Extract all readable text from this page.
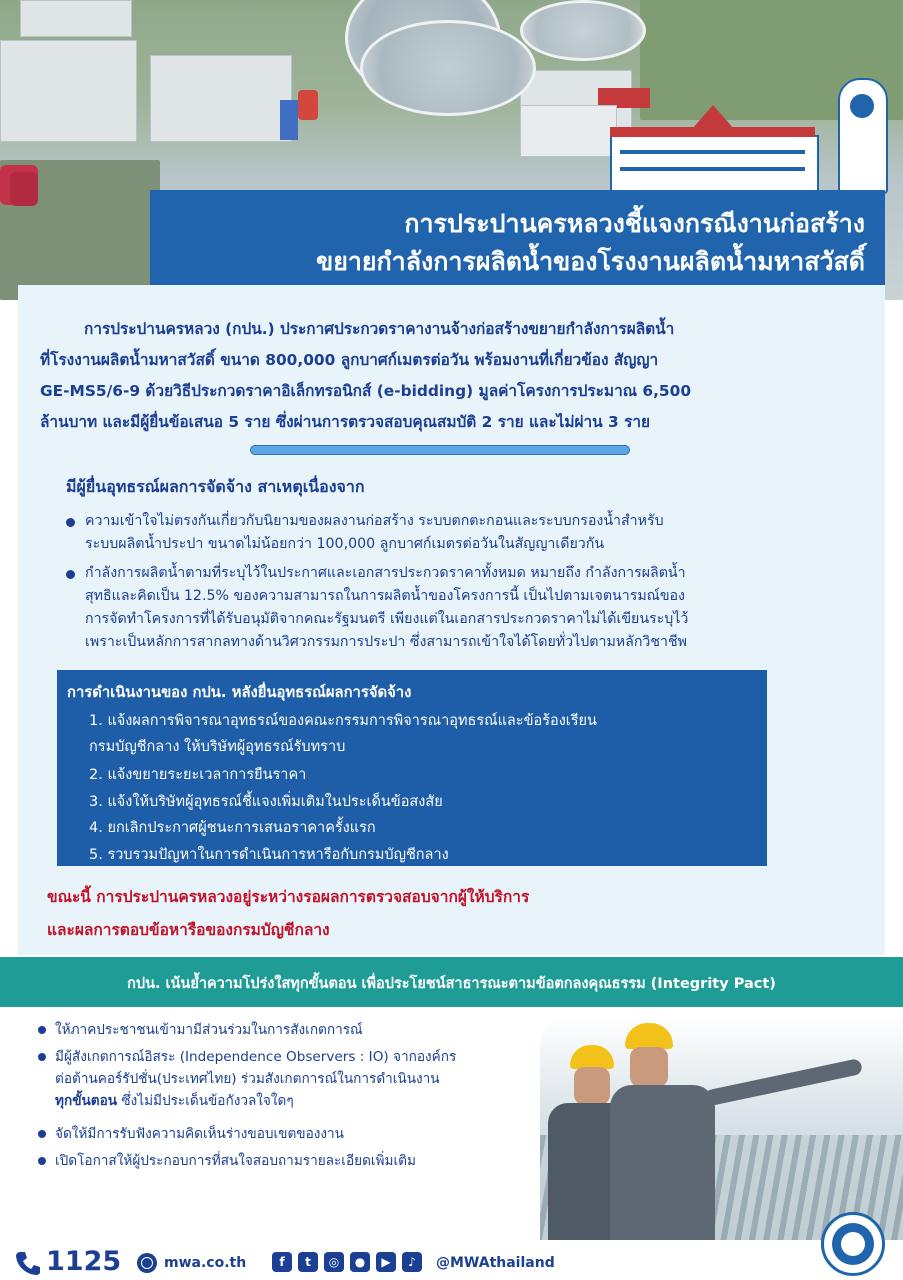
การประปานครหลวงชี้แจงกรณีงานก่อสร้าง
ขยายกำลังการผลิตน้ำของโรงงานผลิตน้ำมหาสวัสดิ์
การประปานครหลวง (กปน.) ประกาศประกวดราคางานจ้างก่อสร้างขยายกำลังการผลิตน้ำ
ที่โรงงานผลิตน้ำมหาสวัสดิ์ ขนาด 800,000 ลูกบาศก์เมตรต่อวัน พร้อมงานที่เกี่ยวข้อง สัญญา
GE-MS5/6-9 ด้วยวิธีประกวดราคาอิเล็กทรอนิกส์ (e-bidding) มูลค่าโครงการประมาณ 6,500
ล้านบาท และมีผู้ยื่นข้อเสนอ 5 ราย ซึ่งผ่านการตรวจสอบคุณสมบัติ 2 ราย และไม่ผ่าน 3 ราย
มีผู้ยื่นอุทธรณ์ผลการจัดจ้าง สาเหตุเนื่องจาก
ความเข้าใจไม่ตรงกันเกี่ยวกับนิยามของผลงานก่อสร้าง ระบบตกตะกอนและระบบกรองน้ำสำหรับ
ระบบผลิตน้ำประปา ขนาดไม่น้อยกว่า 100,000 ลูกบาศก์เมตรต่อวันในสัญญาเดียวกัน
กำลังการผลิตน้ำตามที่ระบุไว้ในประกาศและเอกสารประกวดราคาทั้งหมด หมายถึง กำลังการผลิตน้ำ
สุทธิและคิดเป็น 12.5% ของความสามารถในการผลิตน้ำของโครงการนี้ เป็นไปตามเจตนารมณ์ของ
การจัดทำโครงการที่ได้รับอนุมัติจากคณะรัฐมนตรี เพียงแต่ในเอกสารประกวดราคาไม่ได้เขียนระบุไว้
เพราะเป็นหลักการสากลทางด้านวิศวกรรมการประปา ซึ่งสามารถเข้าใจได้โดยทั่วไปตามหลักวิชาชีพ
การดำเนินงานของ กปน. หลังยื่นอุทธรณ์ผลการจัดจ้าง
1. แจ้งผลการพิจารณาอุทธรณ์ของคณะกรรมการพิจารณาอุทธรณ์และข้อร้องเรียน
กรมบัญชีกลาง ให้บริษัทผู้อุทธรณ์รับทราบ
2. แจ้งขยายระยะเวลาการยืนราคา
3. แจ้งให้บริษัทผู้อุทธรณ์ชี้แจงเพิ่มเติมในประเด็นข้อสงสัย
4. ยกเลิกประกาศผู้ชนะการเสนอราคาครั้งแรก
5. รวบรวมปัญหาในการดำเนินการหารือกับกรมบัญชีกลาง
ขณะนี้ การประปานครหลวงอยู่ระหว่างรอผลการตรวจสอบจากผู้ให้บริการ
และผลการตอบข้อหารือของกรมบัญชีกลาง
กปน. เน้นย้ำความโปร่งใสทุกขั้นตอน เพื่อประโยชน์สาธารณะตามข้อตกลงคุณธรรม (Integrity Pact)
ให้ภาคประชาชนเข้ามามีส่วนร่วมในการสังเกตการณ์
มีผู้สังเกตการณ์อิสระ (Independence Observers : IO) จากองค์กร
ต่อต้านคอร์รัปชั่น(ประเทศไทย) ร่วมสังเกตการณ์ในการดำเนินงาน
ทุกขั้นตอน ซึ่งไม่มีประเด็นข้อกังวลใจใดๆ
จัดให้มีการรับฟังความคิดเห็นร่างขอบเขตของงาน
เปิดโอกาสให้ผู้ประกอบการที่สนใจสอบถามรายละเอียดเพิ่มเติม
1125	mwa.co.th	f	t	◎	●	▶	♪	@MWAthailand
